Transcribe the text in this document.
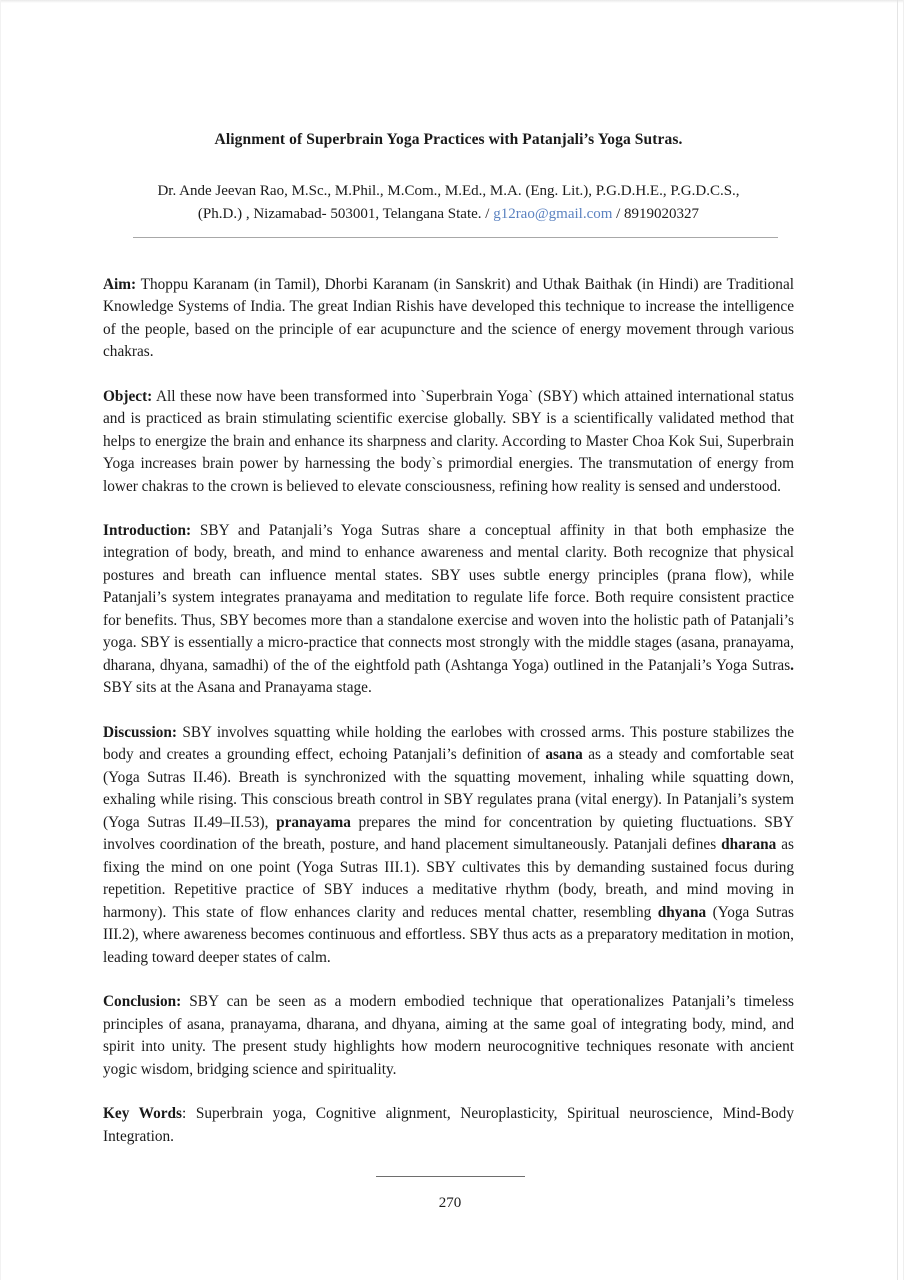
Alignment of Superbrain Yoga Practices with Patanjali’s Yoga Sutras.
Dr. Ande Jeevan Rao, M.Sc., M.Phil., M.Com., M.Ed., M.A. (Eng. Lit.), P.G.D.H.E., P.G.D.C.S.,
(Ph.D.) , Nizamabad- 503001, Telangana State. / g12rao@gmail.com / 8919020327

Aim: Thoppu Karanam (in Tamil), Dhorbi Karanam (in Sanskrit) and Uthak Baithak (in Hindi) are Traditional Knowledge Systems of India. The great Indian Rishis have developed this technique to increase the intelligence of the people, based on the principle of ear acupuncture and the science of energy movement through various chakras.

Object: All these now have been transformed into `Superbrain Yoga` (SBY) which attained international status and is practiced as brain stimulating scientific exercise globally. SBY is a scientifically validated method that helps to energize the brain and enhance its sharpness and clarity. According to Master Choa Kok Sui, Superbrain Yoga increases brain power by harnessing the body`s primordial energies. The transmutation of energy from lower chakras to the crown is believed to elevate consciousness, refining how reality is sensed and understood.

Introduction: SBY and Patanjali’s Yoga Sutras share a conceptual affinity in that both emphasize the integration of body, breath, and mind to enhance awareness and mental clarity. Both recognize that physical postures and breath can influence mental states. SBY uses subtle energy principles (prana flow), while Patanjali’s system integrates pranayama and meditation to regulate life force. Both require consistent practice for benefits. Thus, SBY becomes more than a standalone exercise and woven into the holistic path of Patanjali’s yoga. SBY is essentially a micro-practice that connects most strongly with the middle stages (asana, pranayama, dharana, dhyana, samadhi) of the of the eightfold path (Ashtanga Yoga) outlined in the Patanjali’s Yoga Sutras. SBY sits at the Asana and Pranayama stage.

Discussion: SBY involves squatting while holding the earlobes with crossed arms. This posture stabilizes the body and creates a grounding effect, echoing Patanjali’s definition of asana as a steady and comfortable seat (Yoga Sutras II.46). Breath is synchronized with the squatting movement, inhaling while squatting down, exhaling while rising. This conscious breath control in SBY regulates prana (vital energy). In Patanjali’s system (Yoga Sutras II.49–II.53), pranayama prepares the mind for concentration by quieting fluctuations. SBY involves coordination of the breath, posture, and hand placement simultaneously. Patanjali defines dharana as fixing the mind on one point (Yoga Sutras III.1). SBY cultivates this by demanding sustained focus during repetition. Repetitive practice of SBY induces a meditative rhythm (body, breath, and mind moving in harmony). This state of flow enhances clarity and reduces mental chatter, resembling dhyana (Yoga Sutras III.2), where awareness becomes continuous and effortless. SBY thus acts as a preparatory meditation in motion, leading toward deeper states of calm.

Conclusion: SBY can be seen as a modern embodied technique that operationalizes Patanjali’s timeless principles of asana, pranayama, dharana, and dhyana, aiming at the same goal of integrating body, mind, and spirit into unity. The present study highlights how modern neurocognitive techniques resonate with ancient yogic wisdom, bridging science and spirituality.

Key Words: Superbrain yoga, Cognitive alignment, Neuroplasticity, Spiritual neuroscience, Mind-Body Integration.

270
